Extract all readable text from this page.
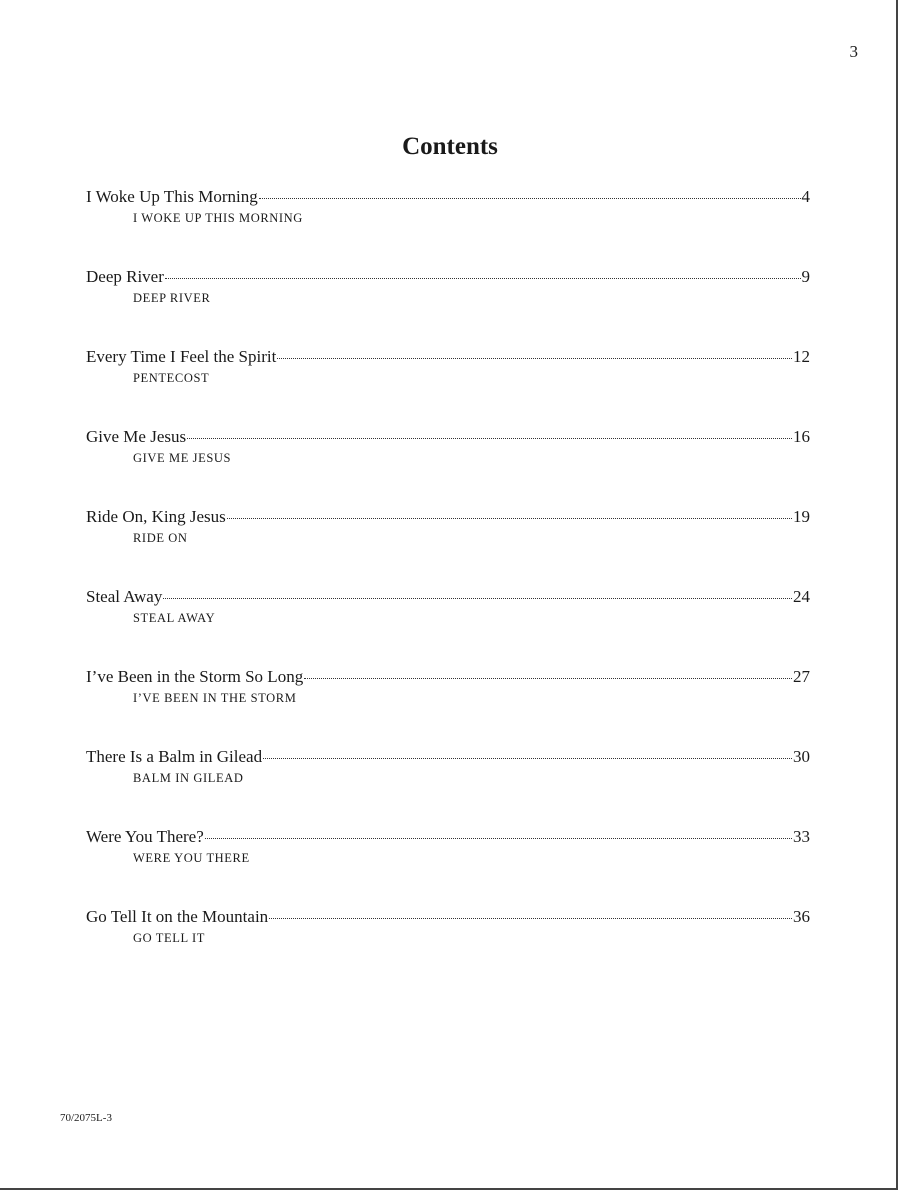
3
Contents
I Woke Up This Morning	4
I WOKE UP THIS MORNING
Deep River	9
DEEP RIVER
Every Time I Feel the Spirit	12
PENTECOST
Give Me Jesus	16
GIVE ME JESUS
Ride On, King Jesus	19
RIDE ON
Steal Away	24
STEAL AWAY
I’ve Been in the Storm So Long	27
I’VE BEEN IN THE STORM
There Is a Balm in Gilead	30
BALM IN GILEAD
Were You There?	33
WERE YOU THERE
Go Tell It on the Mountain	36
GO TELL IT
70/2075L-3
